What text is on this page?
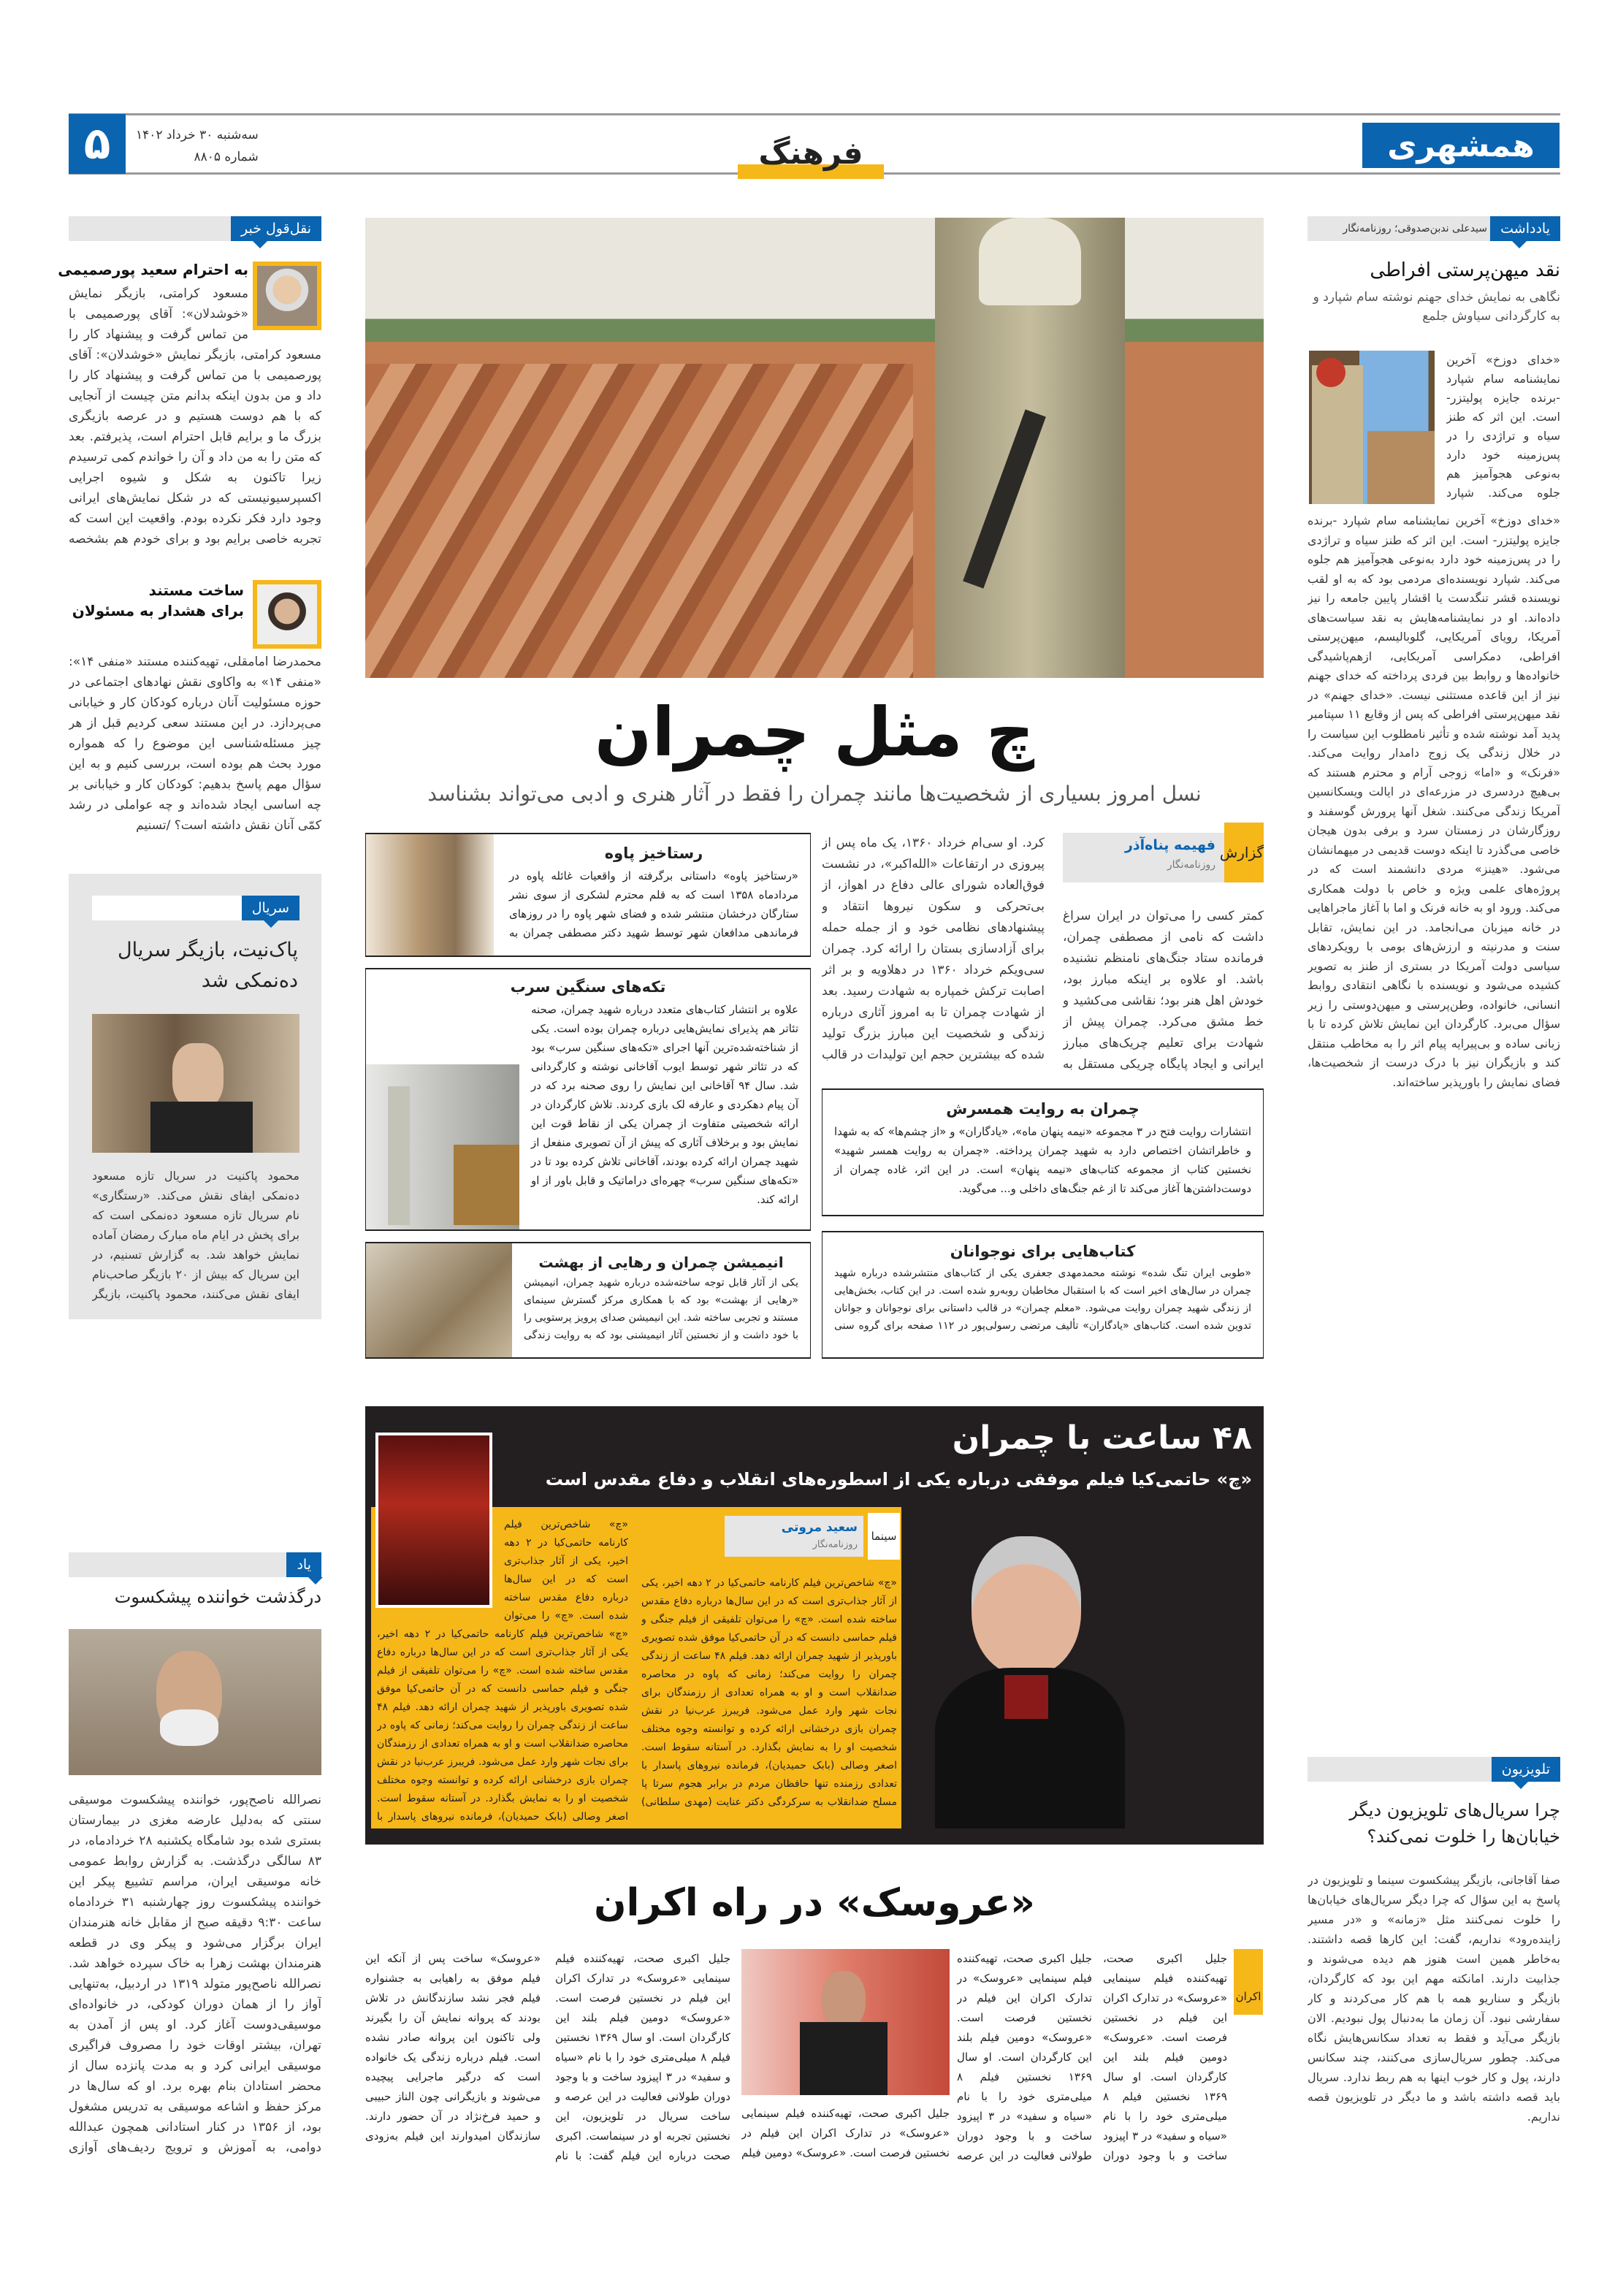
۵	سه‌شنبه ۳۰ خرداد ۱۴۰۲
شماره ۸۸۰۵	فرهنگ	همشهری
نقل‌قول خبر
به احترام سعید پورصمیمی
مسعود کرامتی، بازیگر نمایش «خوشدلان»: آقای پورصمیمی با من تماس گرفت و پیشنهاد کار را
مسعود کرامتی، بازیگر نمایش «خوشدلان»: آقای پورصمیمی با من تماس گرفت و پیشنهاد کار را داد و من بدون اینکه بدانم متن چیست از آنجایی که با هم دوست هستیم و در عرصه بازیگری بزرگ ما و برایم قابل احترام است، پذیرفتم. بعد که متن را به من داد و آن را خواندم کمی ترسیدم زیرا تاکنون به شکل و شیوه اجرایی اکسپرسیونیستی که در شکل نمایش‌های ایرانی وجود دارد فکر نکرده بودم. واقعیت این است که تجربه خاصی برایم بود و برای خودم هم بشخصه
ساخت مستند
برای هشدار به مسئولان
محمدرضا امامقلی، تهیه‌کننده مستند «منفی ۱۴»: «منفی ۱۴» به واکاوی نقش نهادهای اجتماعی در حوزه مسئولیت آنان درباره کودکان کار و خیابانی می‌پردازد. در این مستند سعی کردیم قبل از هر چیز مسئله‌شناسی این موضوع را که همواره مورد بحث هم بوده است، بررسی کنیم و به این سؤال مهم پاسخ بدهیم: کودکان کار و خیابانی بر چه اساسی ایجاد شده‌اند و چه عواملی در رشد کمّی آنان نقش داشته است؟ /تسنیم
سریال
پاک‌نیت، بازیگر سریال ده‌نمکی شد
محمود پاکنیت در سریال تازه مسعود ده‌نمکی ایفای نقش می‌کند. «رستگاری» نام سریال تازه مسعود ده‌نمکی است که برای پخش در ایام ماه مبارک رمضان آماده نمایش خواهد شد. به گزارش تسنیم، در این سریال که بیش از ۲۰ بازیگر صاحب‌نام ایفای نقش می‌کنند، محمود پاکنیت، بازیگر
یاد
درگذشت خواننده پیشکسوت
نصرالله ناصح‌پور، خواننده پیشکسوت موسیقی سنتی که به‌دلیل عارضه مغزی در بیمارستان بستری شده بود شامگاه یکشنبه ۲۸ خردادماه، در ۸۳ سالگی درگذشت. به گزارش روابط عمومی خانه موسیقی ایران، مراسم تشییع پیکر این خواننده پیشکسوت روز چهارشنبه ۳۱ خردادماه ساعت ۹:۳۰ دقیقه صبح از مقابل خانه هنرمندان ایران برگزار می‌شود و پیکر وی در قطعه هنرمندان بهشت زهرا به خاک سپرده خواهد شد. نصرالله ناصح‌پور متولد ۱۳۱۹ در اردبیل، به‌تنهایی آواز را از همان دوران کودکی، در خانواده‌ای موسیقی‌دوست آغاز کرد. او پس از آمدن به تهران، بیشتر اوقات خود را مصروف فراگیری موسیقی ایرانی کرد و به مدت پانزده سال از محضر استادان بنام بهره برد. او که سال‌ها در مرکز حفظ و اشاعه موسیقی به تدریس مشغول بود، از ۱۳۵۶ در کنار استادانی همچون عبدالله دوامی، به آموزش و ترویج ردیف‌های آوازی
یادداشت
سیدعلی ندبن‌صدوقی؛ روزنامه‌نگار
نقد میهن‌پرستی افراطی
نگاهی به نمایش خدای جهنم نوشته سام شپارد و به کارگردانی سیاوش جلمع
«خدای دوزخ» آخرین نمایشنامه سام شپارد -برنده جایزه پولیتزر- است. این اثر که طنز سیاه و تراژدی را در پس‌زمینه خود دارد به‌نوعی هجوآمیز هم جلوه می‌کند. شپارد
«خدای دوزخ» آخرین نمایشنامه سام شپارد -برنده جایزه پولیتزر- است. این اثر که طنز سیاه و تراژدی را در پس‌زمینه خود دارد به‌نوعی هجوآمیز هم جلوه می‌کند. شپارد نویسنده‌ای مردمی بود که به او لقب نویسنده قشر تنگدست یا اقشار پایین جامعه را نیز داده‌اند. او در نمایشنامه‌هایش به نقد سیاست‌های آمریکا، رویای آمریکایی، گلوبالیسم، میهن‌پرستی افراطی، دمکراسی آمریکایی، ازهم‌پاشیدگی خانواده‌ها و روابط بین فردی پرداخته که خدای جهنم نیز از این قاعده مستثنی نیست. «خدای جهنم» در نقد میهن‌پرستی افراطی که پس از وقایع ۱۱ سپتامبر پدید آمد نوشته شده و تأثیر نامطلوب این سیاست را در خلال زندگی یک زوج دامدار روایت می‌کند. «فرنک» و «اما» زوجی آرام و محترم هستند که بی‌هیچ دردسری در مزرعه‌ای در ایالت ویسکانسین آمریکا زندگی می‌کنند. شغل آنها پرورش گوسفند و روزگارشان در زمستان سرد و برفی بدون هیجان خاصی می‌گذرد تا اینکه دوست قدیمی در میهمانشان می‌شود. «هینز» مردی دانشمند است که در پروژه‌های علمی ویژه و خاص با دولت همکاری می‌کند. ورود او به خانه فرنک و اما با آغاز ماجراهایی در خانه میزبان می‌انجامد. در این نمایش، تقابل سنت و مدرنیته و ارزش‌های بومی با رویکردهای سیاسی دولت آمریکا در بستری از طنز به تصویر کشیده می‌شود و نویسنده با نگاهی انتقادی روابط انسانی، خانواده، وطن‌پرستی و میهن‌دوستی را زیر سؤال می‌برد. کارگردان این نمایش تلاش کرده تا با زبانی ساده و بی‌پیرایه پیام اثر را به مخاطب منتقل کند و بازیگران نیز با درک درست از شخصیت‌ها، فضای نمایش را باورپذیر ساخته‌اند.
تلویزیون
چرا سریال‌های تلویزیون دیگر خیابان‌ها را خلوت نمی‌کند؟
صفا آقاجانی، بازیگر پیشکسوت سینما و تلویزیون در پاسخ به این سؤال که چرا دیگر سریال‌های خیابان‌ها را خلوت نمی‌کنند مثل «زمانه» و «در مسیر زاینده‌رود» نداریم، گفت: این کارها قصه داشتند. به‌خاطر همین است هنوز هم دیده می‌شوند و جذابیت دارند. امانکته مهم این بود که کارگردان، بازیگر و سناریو همه با هم کار می‌کردند و کار سفارشی نبود. آن زمان ما به‌دنبال پول نبودیم. الان بازیگر می‌آید و فقط به تعداد سکانس‌هایش نگاه می‌کند. چطور سریال‌سازی می‌کنند، چند سکانس دارند، پول و کار خوب اینها به هم ربط ندارد. سریال باید قصه داشته باشد و ما دیگر در تلویزیون قصه نداریم.
چ مثل چمران
نسل امروز بسیاری از شخصیت‌ها مانند چمران را فقط در آثار هنری و ادبی می‌تواند بشناسد
گزارش
فهیمه پناه‌آذر
روزنامه‌نگار
کمتر کسی را می‌توان در ایران سراغ داشت که نامی از مصطفی چمران، فرمانده ستاد جنگ‌های نامنظم نشنیده باشد. او علاوه بر اینکه مبارز بود، خودش اهل هنر بود؛ نقاشی می‌کشید و خط مشق می‌کرد. چمران پیش از شهادت برای تعلیم چریک‌های مبارز ایرانی و ایجاد پایگاه چریکی مستقل به
کرد. او سی‌ام خرداد ۱۳۶۰، یک ماه پس از پیروزی در ارتفاعات «الله‌اکبر»، در نشست فوق‌العاده شورای عالی دفاع در اهواز، از بی‌تحرکی و سکون نیروها انتقاد و پیشنهادهای نظامی خود و از جمله حمله برای آزادسازی بستان را ارائه کرد. چمران سی‌ویکم خرداد ۱۳۶۰ در دهلاویه و بر اثر اصابت ترکش خمپاره به شهادت رسید. بعد از شهادت چمران تا به امروز آثاری درباره زندگی و شخصیت این مبارز بزرگ تولید شده که بیشترین حجم این تولیدات در قالب
رستاخیز پاوه
«رستاخیز پاوه» داستانی برگرفته از واقعیات غائله پاوه در مردادماه ۱۳۵۸ است که به قلم محترم لشکری از سوی نشر ستارگان درخشان منتشر شده و فضای شهر پاوه را در روزهای فرماندهی مدافعان شهر توسط شهید دکتر مصطفی چمران به
تکه‌های سنگین سرب
علاوه بر انتشار کتاب‌های متعدد درباره شهید چمران، صحنه تئاتر هم پذیرای نمایش‌هایی درباره چمران بوده است. یکی از شناخته‌شده‌ترین آنها اجرای «تکه‌های سنگین سرب» بود که در تئاتر شهر توسط ایوب آقاخانی نوشته و کارگردانی شد. سال ۹۴ آقاخانی این نمایش را روی صحنه برد که در آن پیام دهکردی و عارفه لک بازی کردند. تلاش کارگردان در ارائه شخصیتی متفاوت از چمران یکی از نقاط قوت این نمایش بود و برخلاف آثاری که پیش از آن تصویری منفعل از شهید چمران ارائه کرده بودند، آقاخانی تلاش کرده بود تا در «تکه‌های سنگین سرب» چهره‌ای دراماتیک و قابل باور از او ارائه کند.
چمران به روایت همسرش
انتشارات روایت فتح در ۳ مجموعه «نیمه پنهان ماه»، «یادگاران» و «از چشم‌ها» که به شهدا و خاطراتشان اختصاص دارد به شهید چمران پرداخته. «چمران به روایت همسر شهید» نخستین کتاب از مجموعه کتاب‌های «نیمه پنهان» است. در این اثر، غاده چمران از دوست‌داشتن‌ها آغاز می‌کند تا از غم جنگ‌های داخلی و... می‌گوید.
انیمیشن چمران و رهایی از بهشت
یکی از آثار قابل توجه ساخته‌شده درباره شهید چمران، انیمیشن «رهایی از بهشت» بود که با همکاری مرکز گسترش سینمای مستند و تجربی ساخته شد. این انیمیشن صدای پرویز پرستویی را با خود داشت و از نخستین آثار انیمیشنی بود که به روایت زندگی
کتاب‌هایی برای نوجوانان
«طوبی ایران تنگ شده» نوشته محمدمهدی جعفری یکی از کتاب‌های منتشرشده درباره شهید چمران در سال‌های اخیر است که با استقبال مخاطبان روبه‌رو شده است. در این کتاب، بخش‌هایی از زندگی شهید چمران روایت می‌شود. «معلم چمران» در قالب داستانی برای نوجوانان و جوانان تدوین شده است. کتاب‌های «یادگاران» تألیف مرتضی رسولی‌پور در ۱۱۲ صفحه برای گروه سنی
۴۸ ساعت با چمران
«چ» حاتمی‌کیا فیلم موفقی درباره یکی از اسطوره‌های انقلاب و دفاع مقدس است
سعید مروتی
روزنامه‌نگار
سینما
«چ» شاخص‌ترین فیلم کارنامه حاتمی‌کیا در ۲ دهه اخیر، یکی از آثار جذاب‌تری است که در این سال‌ها درباره دفاع مقدس ساخته شده است. «چ» را می‌توان
«چ» شاخص‌ترین فیلم کارنامه حاتمی‌کیا در ۲ دهه اخیر، یکی از آثار جذاب‌تری است که در این سال‌ها درباره دفاع مقدس ساخته شده است. «چ» را می‌توان تلفیقی از فیلم جنگی و فیلم حماسی دانست که در آن حاتمی‌کیا موفق شده تصویری باورپذیر از شهید چمران ارائه دهد. فیلم ۴۸ ساعت از زندگی چمران را روایت می‌کند؛ زمانی که پاوه در محاصره ضدانقلاب است و او به همراه تعدادی از رزمندگان برای نجات شهر وارد عمل می‌شود. فریبرز عرب‌نیا در نقش چمران بازی درخشانی ارائه کرده و توانسته وجوه مختلف شخصیت او را به نمایش بگذارد. در آستانه سقوط است. اصغر وصالی (بابک حمیدیان)، فرمانده نیروهای پاسدار با
«چ» شاخص‌ترین فیلم کارنامه حاتمی‌کیا در ۲ دهه اخیر، یکی از آثار جذاب‌تری است که در این سال‌ها درباره دفاع مقدس ساخته شده است. «چ» را می‌توان تلفیقی از فیلم جنگی و فیلم حماسی دانست که در آن حاتمی‌کیا موفق شده تصویری باورپذیر از شهید چمران ارائه دهد. فیلم ۴۸ ساعت از زندگی چمران را روایت می‌کند؛ زمانی که پاوه در محاصره ضدانقلاب است و او به همراه تعدادی از رزمندگان برای نجات شهر وارد عمل می‌شود. فریبرز عرب‌نیا در نقش چمران بازی درخشانی ارائه کرده و توانسته وجوه مختلف شخصیت او را به نمایش بگذارد. در آستانه سقوط است. اصغر وصالی (بابک حمیدیان)، فرمانده نیروهای پاسدار با تعدادی رزمنده تنها حافظان مردم در برابر هجوم سرتا پا مسلح ضدانقلاب به سرکردگی دکتر عنایت (مهدی سلطانی)
«عروسک» در راه اکران
اکران
جلیل اکبری صحت، تهیه‌کننده فیلم سینمایی «عروسک» در تدارک اکران این فیلم در نخستین فرصت است. «عروسک» دومین فیلم بلند این کارگردان است. او سال ۱۳۶۹ نخستین فیلم ۸ میلی‌متری خود را با نام «سیاه و سفید» در ۳ اپیزود ساخت و با وجود دوران
جلیل اکبری صحت، تهیه‌کننده فیلم سینمایی «عروسک» در تدارک اکران این فیلم در نخستین فرصت است. «عروسک» دومین فیلم بلند این کارگردان است. او سال ۱۳۶۹ نخستین فیلم ۸ میلی‌متری خود را با نام «سیاه و سفید» در ۳ اپیزود ساخت و با وجود دوران طولانی فعالیت در این عرصه
جلیل اکبری صحت، تهیه‌کننده فیلم سینمایی «عروسک» در تدارک اکران این فیلم در نخستین فرصت است. «عروسک» دومین فیلم
جلیل اکبری صحت، تهیه‌کننده فیلم سینمایی «عروسک» در تدارک اکران این فیلم در نخستین فرصت است. «عروسک» دومین فیلم بلند این کارگردان است. او سال ۱۳۶۹ نخستین فیلم ۸ میلی‌متری خود را با نام «سیاه و سفید» در ۳ اپیزود ساخت و با وجود دوران طولانی فعالیت در این عرصه و ساخت سریال در تلویزیون، این نخستین تجربه او در سینماست. اکبری صحت درباره این فیلم گفت: با نام «عروسک» ساخت پس از آنکه این فیلم موفق به راهیابی به جشنواره فیلم فجر نشد سازندگانش در تلاش بودند که پروانه نمایش آن را بگیرند ولی تاکنون این پروانه صادر نشده است. فیلم درباره زندگی یک خانواده است که درگیر ماجرایی پیچیده می‌شوند و بازیگرانی چون الناز حبیبی و حمید فرخ‌نژاد در آن حضور دارند. سازندگان امیدوارند این فیلم به‌زودی
